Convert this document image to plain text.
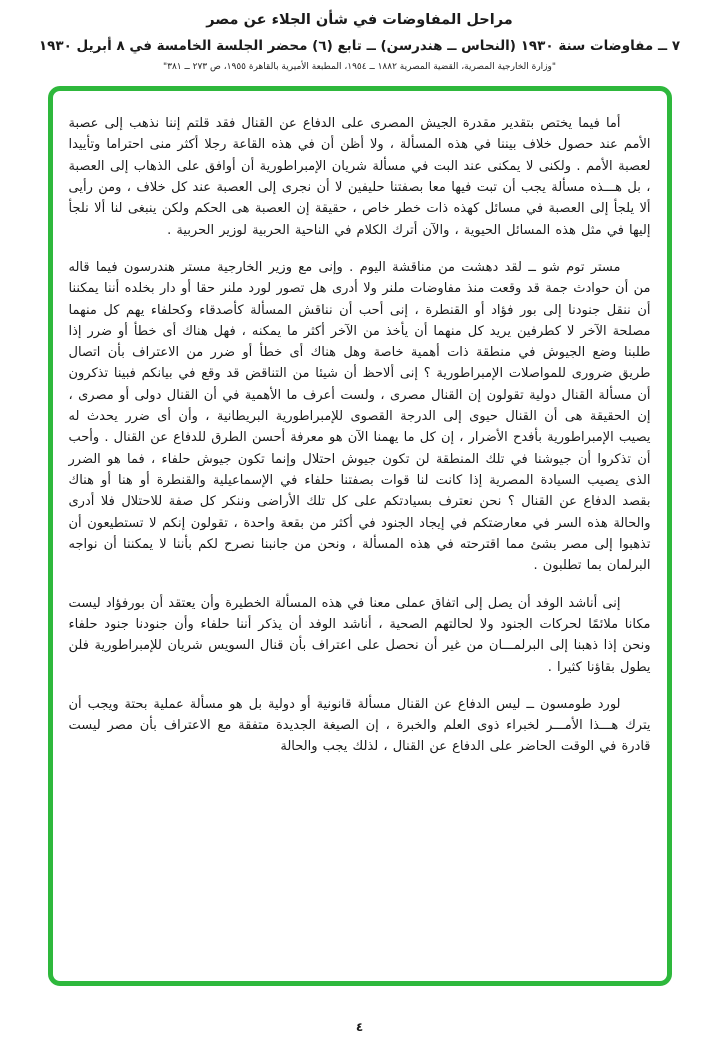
مراحل المفاوضات في شأن الجلاء عن مصر
٧ ــ مفاوضات سنة ١٩٣٠ (النحاس ــ هندرسن) ــ تابع (٦) محضر الجلسة الخامسة في ٨ أبريل ١٩٣٠
"وزارة الخارجية المصرية، القضية المصرية ١٨٨٢ ــ ١٩٥٤، المطبعة الأميرية بالقاهرة ١٩٥٥، ص ٢٧٣ ــ ٣٨١"

أما فيما يختص بتقدير مقدرة الجيش المصرى على الدفاع عن القنال فقد قلتم إننا نذهب إلى عصبة الأمم عند حصول خلاف بيننا في هذه المسألة ، ولا أظن أن في هذه القاعة رجلا أكثر منى احتراما وتأييدا لعصبة الأمم . ولكنى لا يمكنى عند البت في مسألة شريان الإمبراطورية أن أوافق على الذهاب إلى العصبة ، بل هـــذه مسألة يجب أن تبت فيها معا بصفتنا حليفين لا أن نجرى إلى العصبة عند كل خلاف ، ومن رأيى ألا يلجأ إلى العصبة في مسائل كهذه ذات خطر خاص ، حقيقة إن العصبة هى الحكم ولكن ينبغى لنا ألا نلجأ إليها في مثل هذه المسائل الحيوية ، والآن أترك الكلام في الناحية الحربية لوزير الحربية .

مستر توم شو ــ لقد دهشت من مناقشة اليوم . وإنى مع وزير الخارجية مستر هندرسون فيما قاله من أن حوادث جمة قد وقعت منذ مفاوضات ملنر ولا أدرى هل تصور لورد ملنر حقا أو دار بخلده أننا يمكننا أن ننقل جنودنا إلى بور فؤاد أو القنطرة ، إنى أحب أن نناقش المسألة كأصدقاء وكحلفاء يهم كل منهما مصلحة الآخر لا كطرفين يريد كل منهما أن يأخذ من الآخر أكثر ما يمكنه ، فهل هناك أى خطأ أو ضرر إذا طلبنا وضع الجيوش في منطقة ذات أهمية خاصة وهل هناك أى خطأ أو ضرر من الاعتراف بأن اتصال طريق ضرورى للمواصلات الإمبراطورية ؟ إنى ألاحظ أن شيئا من التناقض قد وقع في بيانكم فبينا تذكرون أن مسألة القنال دولية تقولون إن القنال مصرى ، ولست أعرف ما الأهمية في أن القنال دولى أو مصرى ، إن الحقيقة هى أن القنال حيوى إلى الدرجة القصوى للإمبراطورية البريطانية ، وأن أى ضرر يحدث له يصيب الإمبراطورية بأفدح الأضرار ، إن كل ما يهمنا الآن هو معرفة أحسن الطرق للدفاع عن القنال . وأحب أن تذكروا أن جيوشنا في تلك المنطقة لن تكون جيوش احتلال وإنما تكون جيوش حلفاء ، فما هو الضرر الذى يصيب السيادة المصرية إذا كانت لنا قوات بصفتنا حلفاء في الإسماعيلية والقنطرة أو هنا أو هناك بقصد الدفاع عن القنال ؟ نحن نعترف بسيادتكم على كل تلك الأراضى وننكر كل صفة للاحتلال فلا أدرى والحالة هذه السر في معارضتكم في إيجاد الجنود في أكثر من بقعة واحدة ، تقولون إنكم لا تستطيعون أن تذهبوا إلى مصر بشئ مما اقترحته في هذه المسألة ، ونحن من جانبنا نصرح لكم بأننا لا يمكننا أن نواجه البرلمان بما تطلبون .

إنى أناشد الوفد أن يصل إلى اتفاق عملى معنا في هذه المسألة الخطيرة وأن يعتقد أن بورفؤاد ليست مكانا ملائمًا لحركات الجنود ولا لحالتهم الصحية ، أناشد الوفد أن يذكر أننا حلفاء وأن جنودنا جنود حلفاء ونحن إذا ذهبنا إلى البرلمـــان من غير أن نحصل على اعتراف بأن قنال السويس شريان للإمبراطورية فلن يطول بقاؤنا كثيرا .

لورد طومسون ــ ليس الدفاع عن القنال مسألة قانونية أو دولية بل هو مسألة عملية بحتة ويجب أن يترك هـــذا الأمـــر لخبراء ذوى العلم والخبرة ، إن الصيغة الجديدة متفقة مع الاعتراف بأن مصر ليست قادرة في الوقت الحاضر على الدفاع عن القنال ، لذلك يجب والحالة

٤
